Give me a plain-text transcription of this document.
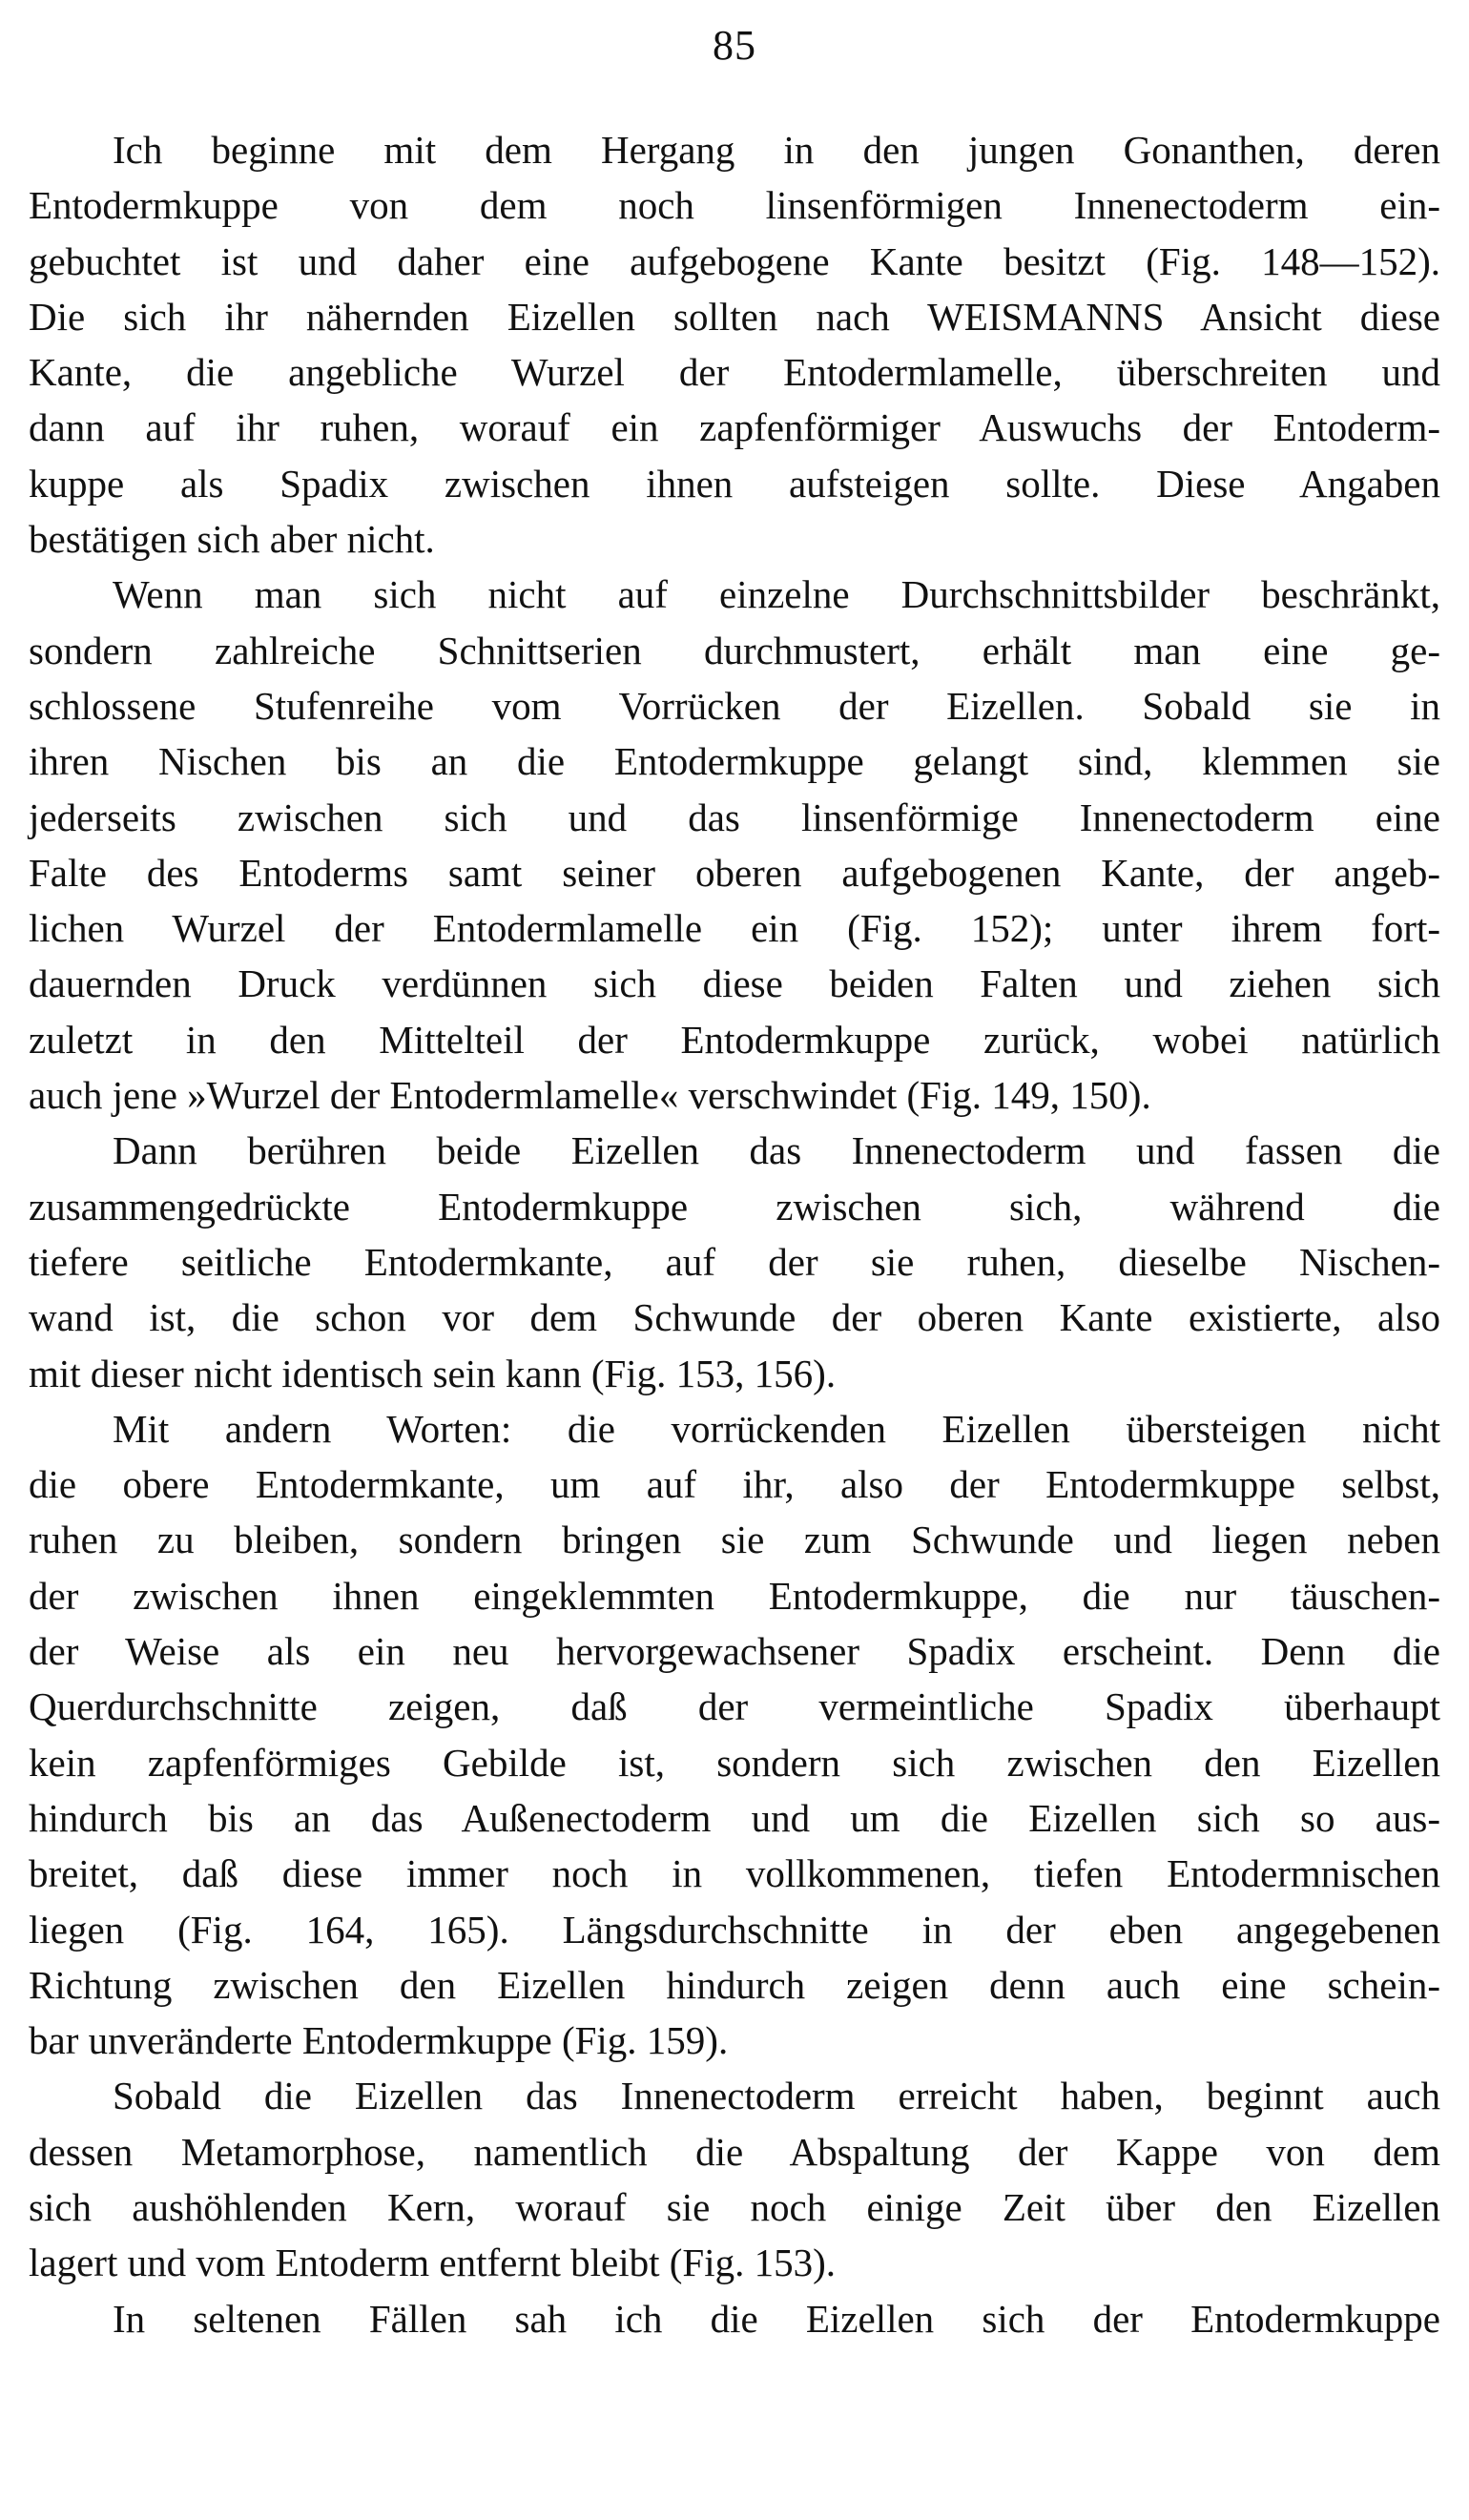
85
Ich beginne mit dem Hergang in den jungen Gonanthen, deren
Entodermkuppe von dem noch linsenförmigen Innenectoderm ein-
gebuchtet ist und daher eine aufgebogene Kante besitzt (Fig. 148—152).
Die sich ihr nähernden Eizellen sollten nach WEISMANNS Ansicht diese
Kante, die angebliche Wurzel der Entodermlamelle, überschreiten und
dann auf ihr ruhen, worauf ein zapfenförmiger Auswuchs der Entoderm-
kuppe als Spadix zwischen ihnen aufsteigen sollte. Diese Angaben
bestätigen sich aber nicht.
Wenn man sich nicht auf einzelne Durchschnittsbilder beschränkt,
sondern zahlreiche Schnittserien durchmustert, erhält man eine ge-
schlossene Stufenreihe vom Vorrücken der Eizellen. Sobald sie in
ihren Nischen bis an die Entodermkuppe gelangt sind, klemmen sie
jederseits zwischen sich und das linsenförmige Innenectoderm eine
Falte des Entoderms samt seiner oberen aufgebogenen Kante, der angeb-
lichen Wurzel der Entodermlamelle ein (Fig. 152); unter ihrem fort-
dauernden Druck verdünnen sich diese beiden Falten und ziehen sich
zuletzt in den Mittelteil der Entodermkuppe zurück, wobei natürlich
auch jene »Wurzel der Entodermlamelle« verschwindet (Fig. 149, 150).
Dann berühren beide Eizellen das Innenectoderm und fassen die
zusammengedrückte Entodermkuppe zwischen sich, während die
tiefere seitliche Entodermkante, auf der sie ruhen, dieselbe Nischen-
wand ist, die schon vor dem Schwunde der oberen Kante existierte, also
mit dieser nicht identisch sein kann (Fig. 153, 156).
Mit andern Worten: die vorrückenden Eizellen übersteigen nicht
die obere Entodermkante, um auf ihr, also der Entodermkuppe selbst,
ruhen zu bleiben, sondern bringen sie zum Schwunde und liegen neben
der zwischen ihnen eingeklemmten Entodermkuppe, die nur täuschen-
der Weise als ein neu hervorgewachsener Spadix erscheint. Denn die
Querdurchschnitte zeigen, daß der vermeintliche Spadix überhaupt
kein zapfenförmiges Gebilde ist, sondern sich zwischen den Eizellen
hindurch bis an das Außenectoderm und um die Eizellen sich so aus-
breitet, daß diese immer noch in vollkommenen, tiefen Entodermnischen
liegen (Fig. 164, 165). Längsdurchschnitte in der eben angegebenen
Richtung zwischen den Eizellen hindurch zeigen denn auch eine schein-
bar unveränderte Entodermkuppe (Fig. 159).
Sobald die Eizellen das Innenectoderm erreicht haben, beginnt auch
dessen Metamorphose, namentlich die Abspaltung der Kappe von dem
sich aushöhlenden Kern, worauf sie noch einige Zeit über den Eizellen
lagert und vom Entoderm entfernt bleibt (Fig. 153).
In seltenen Fällen sah ich die Eizellen sich der Entodermkuppe
